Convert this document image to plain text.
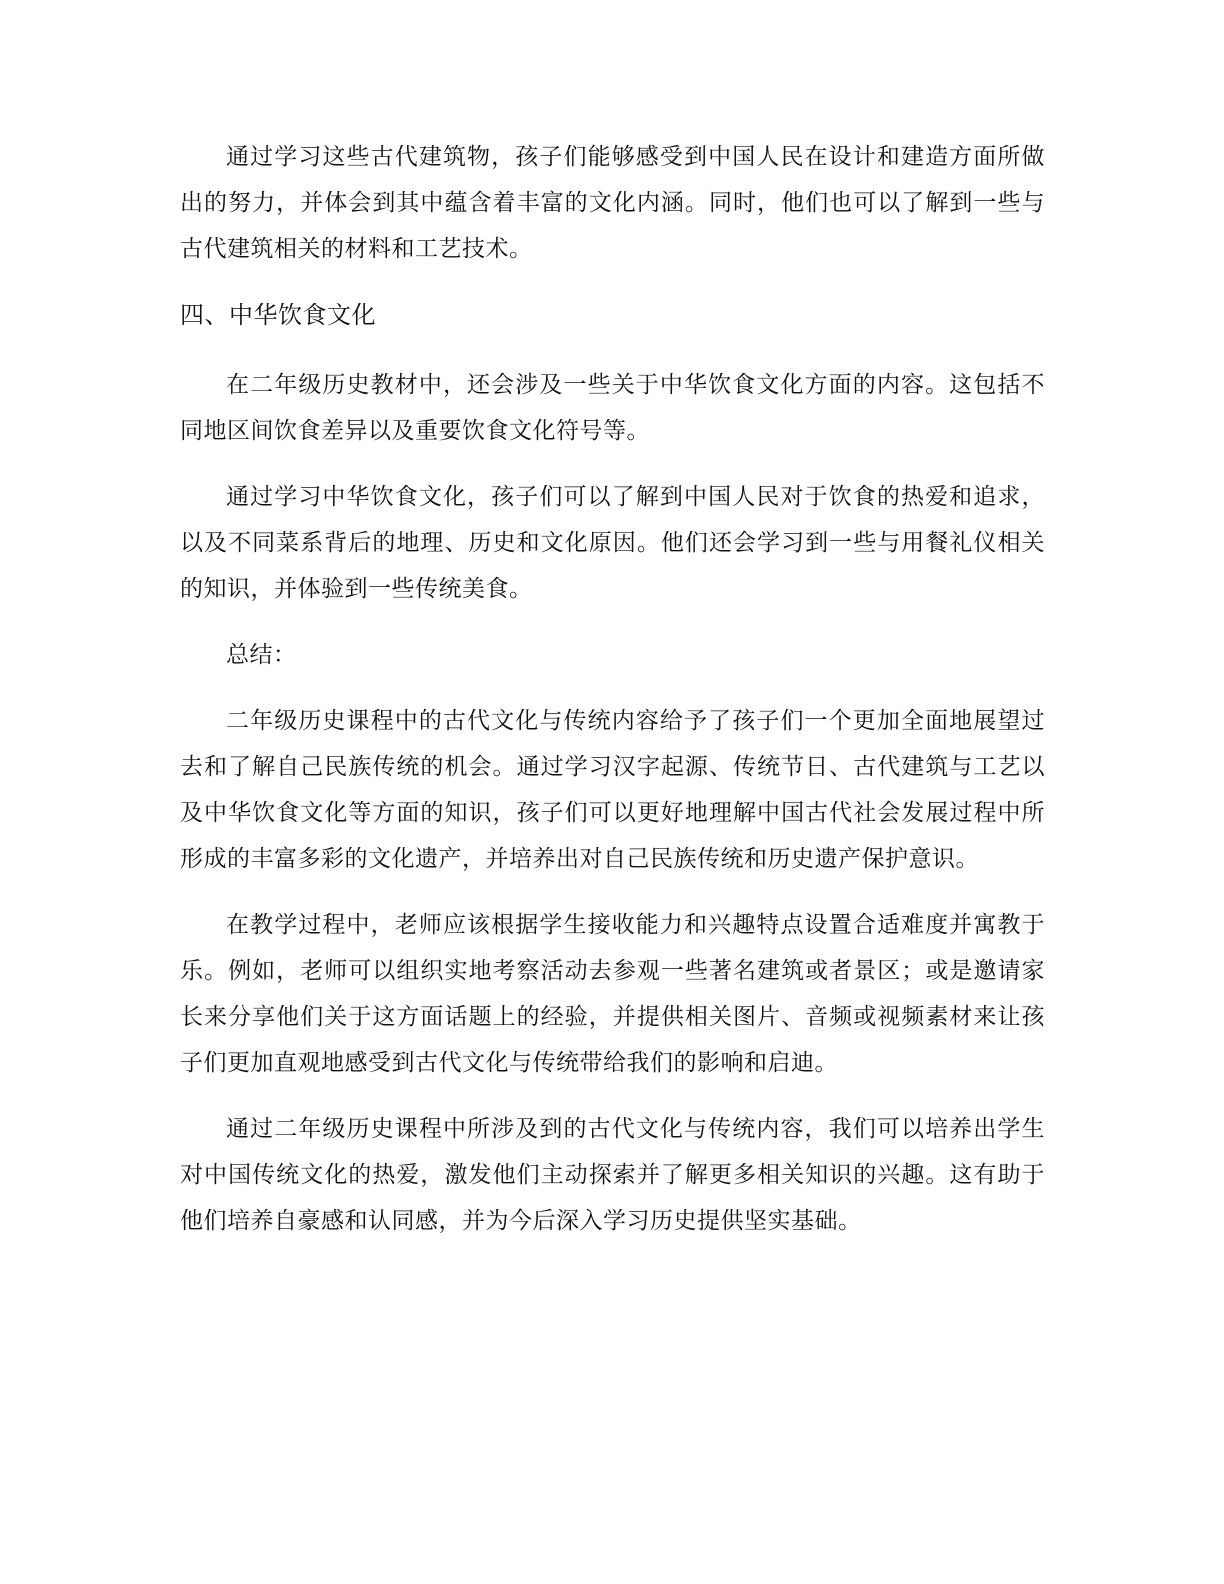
通过学习这些古代建筑物，孩子们能够感受到中国人民在设计和建造方面所做出的努力，并体会到其中蕴含着丰富的文化内涵。同时，他们也可以了解到一些与古代建筑相关的材料和工艺技术。

四、中华饮食文化

在二年级历史教材中，还会涉及一些关于中华饮食文化方面的内容。这包括不同地区间饮食差异以及重要饮食文化符号等。

通过学习中华饮食文化，孩子们可以了解到中国人民对于饮食的热爱和追求，以及不同菜系背后的地理、历史和文化原因。他们还会学习到一些与用餐礼仪相关的知识，并体验到一些传统美食。

总结：

二年级历史课程中的古代文化与传统内容给予了孩子们一个更加全面地展望过去和了解自己民族传统的机会。通过学习汉字起源、传统节日、古代建筑与工艺以及中华饮食文化等方面的知识，孩子们可以更好地理解中国古代社会发展过程中所形成的丰富多彩的文化遗产，并培养出对自己民族传统和历史遗产保护意识。

在教学过程中，老师应该根据学生接收能力和兴趣特点设置合适难度并寓教于乐。例如，老师可以组织实地考察活动去参观一些著名建筑或者景区；或是邀请家长来分享他们关于这方面话题上的经验，并提供相关图片、音频或视频素材来让孩子们更加直观地感受到古代文化与传统带给我们的影响和启迪。

通过二年级历史课程中所涉及到的古代文化与传统内容，我们可以培养出学生对中国传统文化的热爱，激发他们主动探索并了解更多相关知识的兴趣。这有助于他们培养自豪感和认同感，并为今后深入学习历史提供坚实基础。
